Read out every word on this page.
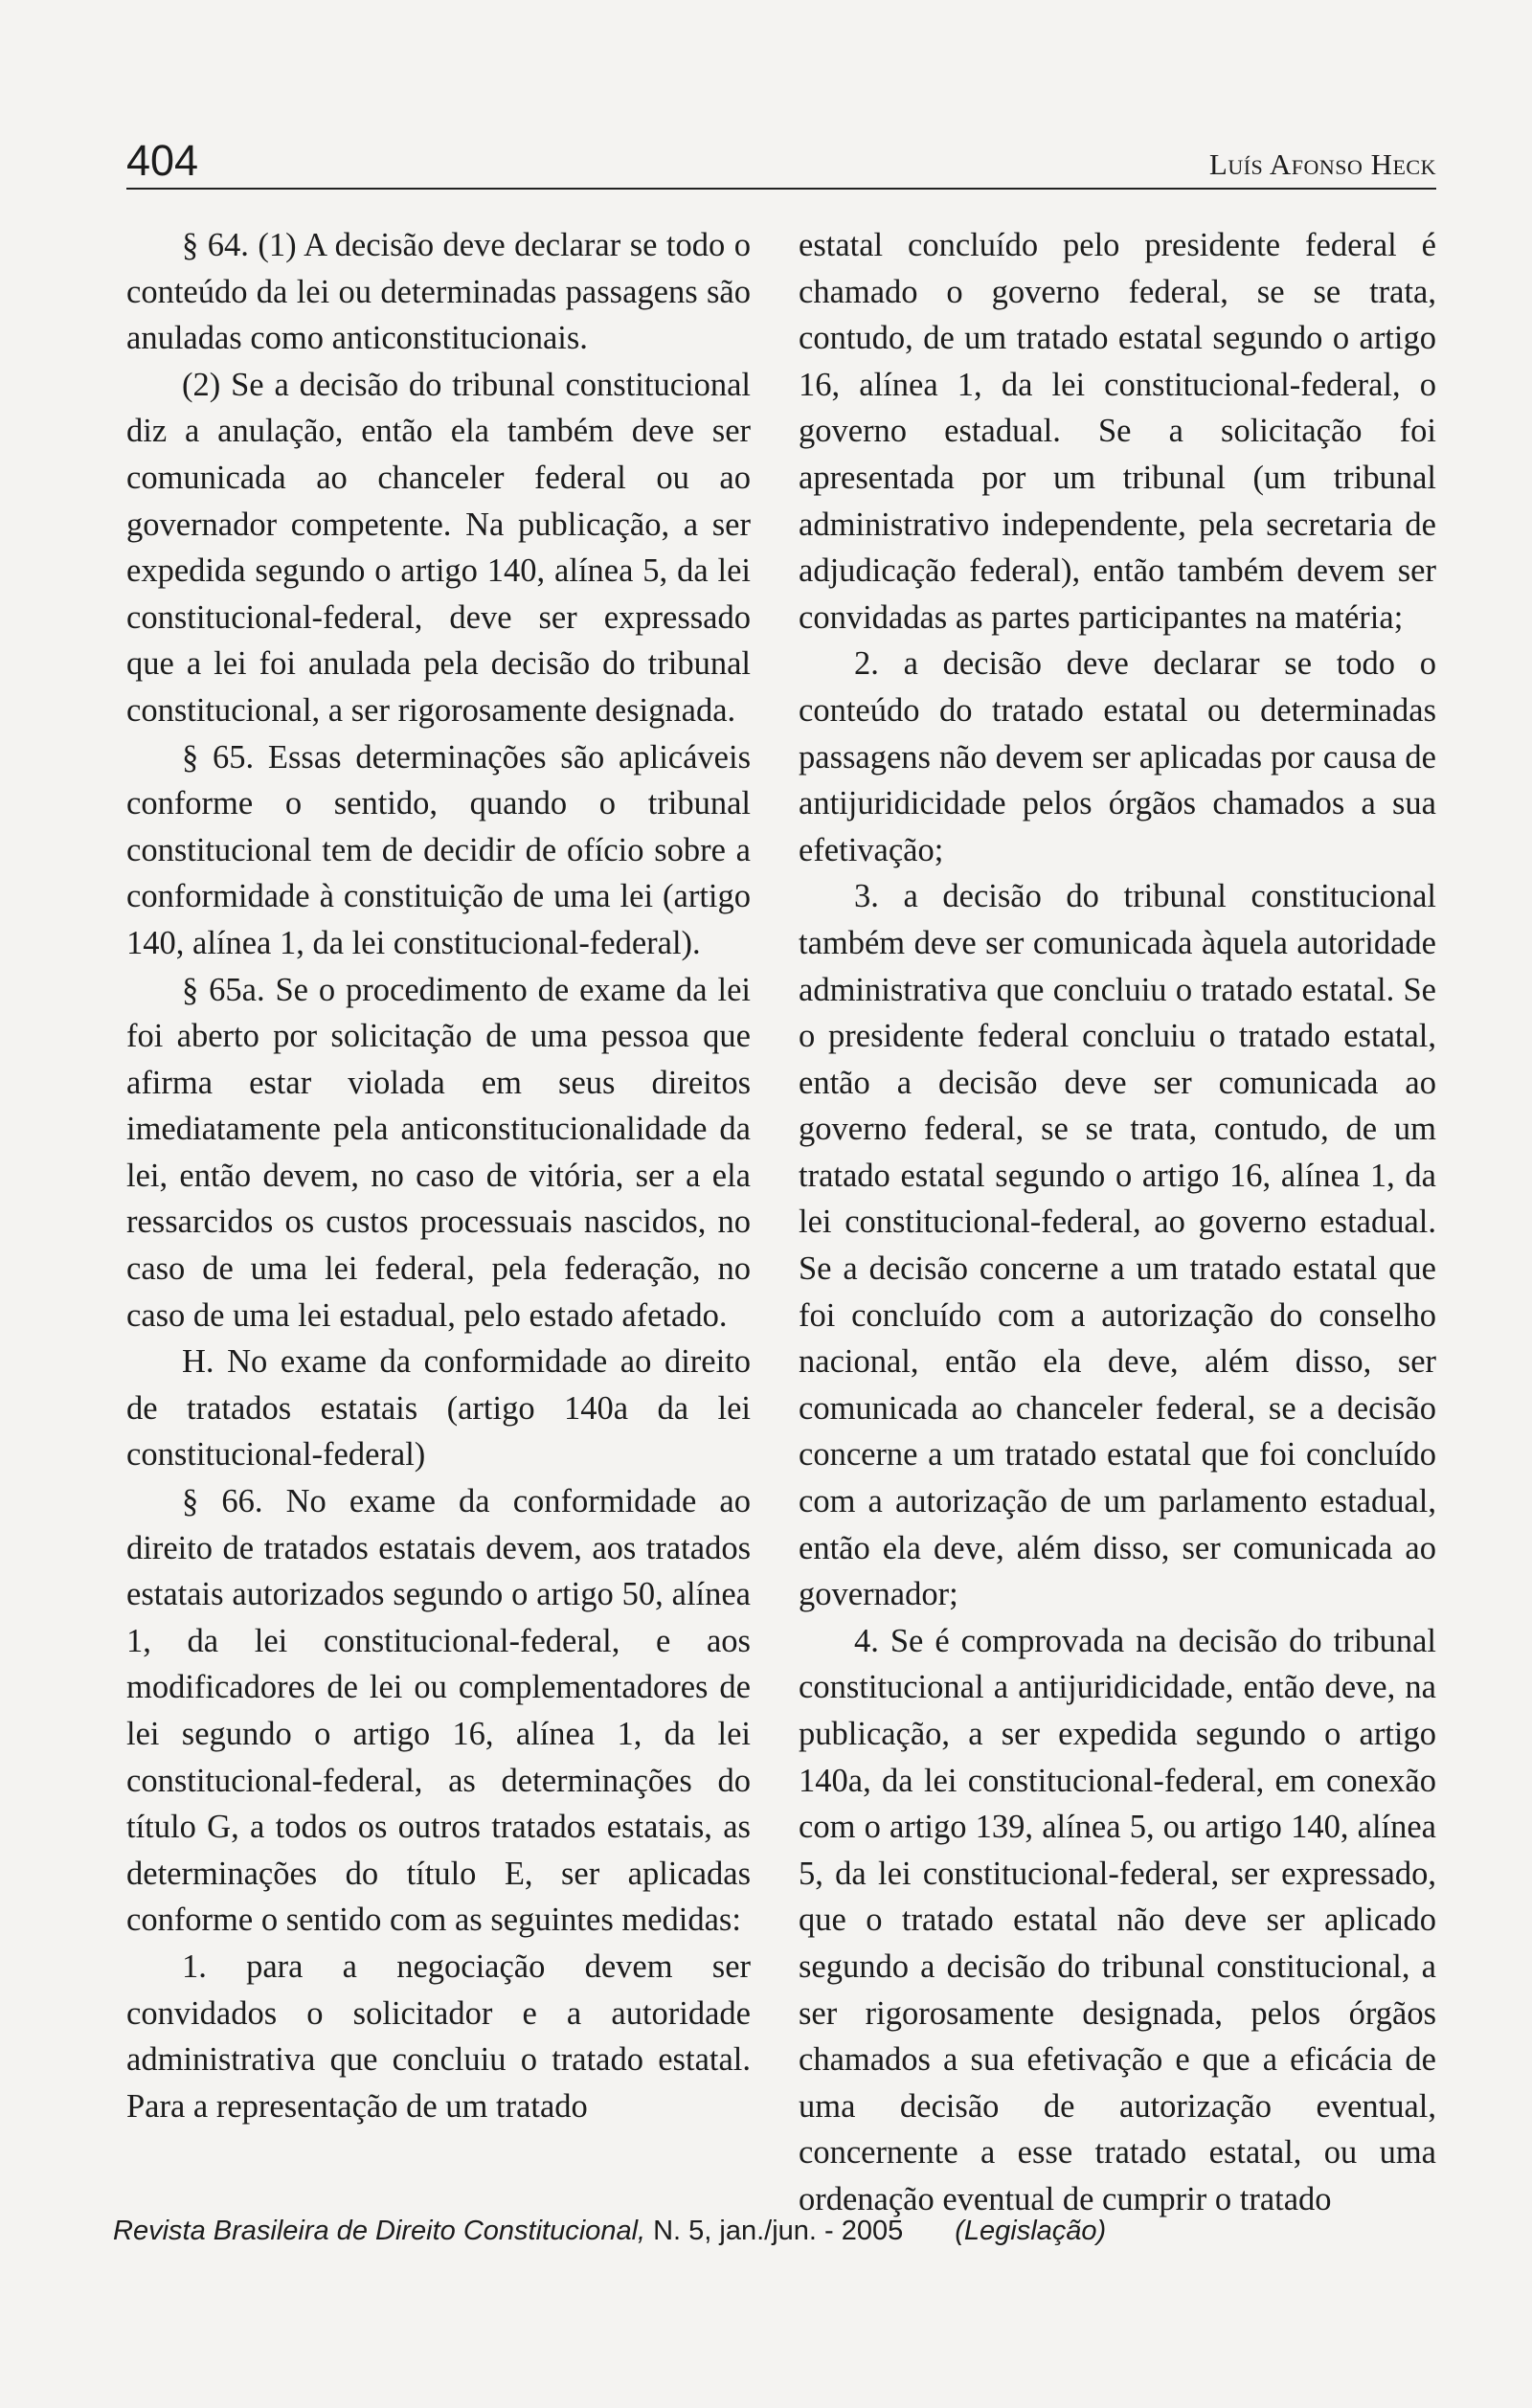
404	Luís Afonso Heck

§ 64. (1) A decisão deve declarar se todo o conteúdo da lei ou determinadas passagens são anuladas como anticonstitucionais.

(2) Se a decisão do tribunal constitucional diz a anulação, então ela também deve ser comunicada ao chanceler federal ou ao governador competente. Na publicação, a ser expedida segundo o artigo 140, alínea 5, da lei constitucional-federal, deve ser expressado que a lei foi anulada pela decisão do tribunal constitucional, a ser rigorosamente designada.

§ 65. Essas determinações são aplicáveis conforme o sentido, quando o tribunal constitucional tem de decidir de ofício sobre a conformidade à constituição de uma lei (artigo 140, alínea 1, da lei constitucional-federal).

§ 65a. Se o procedimento de exame da lei foi aberto por solicitação de uma pessoa que afirma estar violada em seus direitos imediatamente pela anticonstitucionalidade da lei, então devem, no caso de vitória, ser a ela ressarcidos os custos processuais nascidos, no caso de uma lei federal, pela federação, no caso de uma lei estadual, pelo estado afetado.

H. No exame da conformidade ao direito de tratados estatais (artigo 140a da lei constitucional-federal)

§ 66. No exame da conformidade ao direito de tratados estatais devem, aos tratados estatais autorizados segundo o artigo 50, alínea 1, da lei constitucional-federal, e aos modificadores de lei ou complementadores de lei segundo o artigo 16, alínea 1, da lei constitucional-federal, as determinações do título G, a todos os outros tratados estatais, as determinações do título E, ser aplicadas conforme o sentido com as seguintes medidas:

1. para a negociação devem ser convidados o solicitador e a autoridade administrativa que concluiu o tratado estatal. Para a representação de um tratado

estatal concluído pelo presidente federal é chamado o governo federal, se se trata, contudo, de um tratado estatal segundo o artigo 16, alínea 1, da lei constitucional-federal, o governo estadual. Se a solicitação foi apresentada por um tribunal (um tribunal administrativo independente, pela secretaria de adjudicação federal), então também devem ser convidadas as partes participantes na matéria;

2. a decisão deve declarar se todo o conteúdo do tratado estatal ou determinadas passagens não devem ser aplicadas por causa de antijuridicidade pelos órgãos chamados a sua efetivação;

3. a decisão do tribunal constitucional também deve ser comunicada àquela autoridade administrativa que concluiu o tratado estatal. Se o presidente federal concluiu o tratado estatal, então a decisão deve ser comunicada ao governo federal, se se trata, contudo, de um tratado estatal segundo o artigo 16, alínea 1, da lei constitucional-federal, ao governo estadual. Se a decisão concerne a um tratado estatal que foi concluído com a autorização do conselho nacional, então ela deve, além disso, ser comunicada ao chanceler federal, se a decisão concerne a um tratado estatal que foi concluído com a autorização de um parlamento estadual, então ela deve, além disso, ser comunicada ao governador;

4. Se é comprovada na decisão do tribunal constitucional a antijuridicidade, então deve, na publicação, a ser expedida segundo o artigo 140a, da lei constitucional-federal, em conexão com o artigo 139, alínea 5, ou artigo 140, alínea 5, da lei constitucional-federal, ser expressado, que o tratado estatal não deve ser aplicado segundo a decisão do tribunal constitucional, a ser rigorosamente designada, pelos órgãos chamados a sua efetivação e que a eficácia de uma decisão de autorização eventual, concernente a esse tratado estatal, ou uma ordenação eventual de cumprir o tratado

Revista Brasileira de Direito Constitucional, N. 5, jan./jun. - 2005 (Legislação)
